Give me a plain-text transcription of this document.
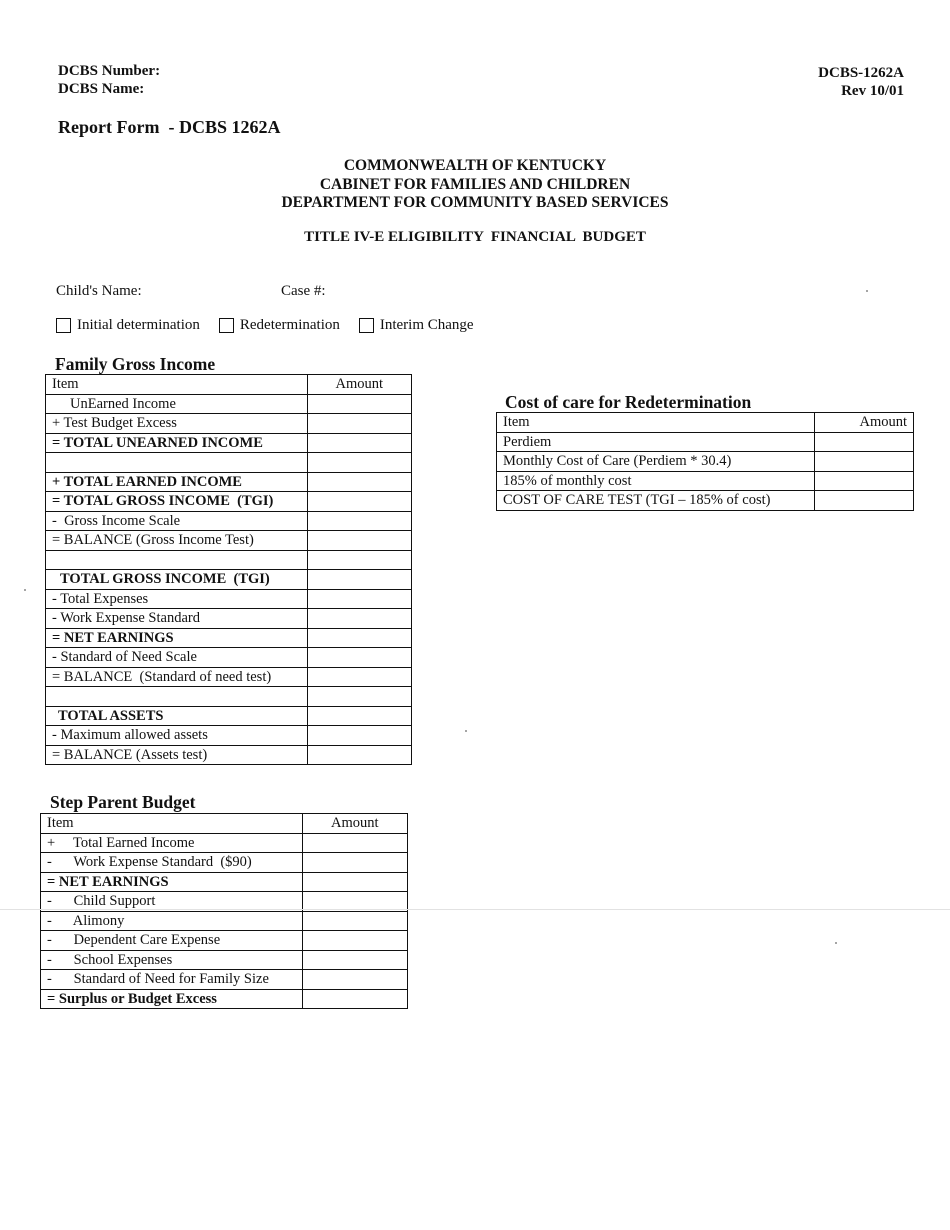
DCBS Number:
DCBS Name:
DCBS-1262A
Rev 10/01
Report Form  - DCBS 1262A
COMMONWEALTH OF KENTUCKY
CABINET FOR FAMILIES AND CHILDREN
DEPARTMENT FOR COMMUNITY BASED SERVICES
TITLE IV-E ELIGIBILITY  FINANCIAL  BUDGET
Child's Name:	Case #:
Initial determination	Redetermination	Interim Change
Family Gross Income
Item	Amount
UnEarned Income	
+ Test Budget Excess	
= TOTAL UNEARNED INCOME	

+ TOTAL EARNED INCOME	
= TOTAL GROSS INCOME  (TGI)	
-  Gross Income Scale	
= BALANCE (Gross Income Test)	

TOTAL GROSS INCOME  (TGI)	
- Total Expenses	
- Work Expense Standard	
= NET EARNINGS	
- Standard of Need Scale	
= BALANCE  (Standard of need test)	

TOTAL ASSETS	
- Maximum allowed assets	
= BALANCE (Assets test)	
Cost of care for Redetermination
Item	Amount
Perdiem	
Monthly Cost of Care (Perdiem * 30.4)	
185% of monthly cost	
COST OF CARE TEST (TGI – 185% of cost)	
Step Parent Budget
Item	Amount
+     Total Earned Income	
-      Work Expense Standard  ($90)	
= NET EARNINGS	
-      Child Support	
-      Alimony	
-      Dependent Care Expense	
-      School Expenses	
-      Standard of Need for Family Size	
= Surplus or Budget Excess	
